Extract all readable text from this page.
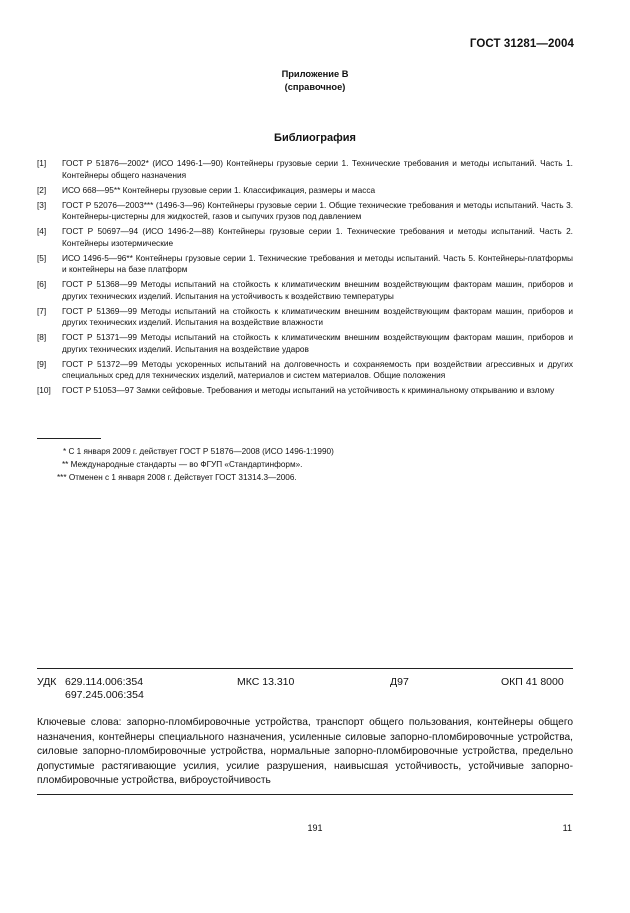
ГОСТ 31281—2004
Приложение В
(справочное)
Библиография
[1] ГОСТ Р 51876—2002* (ИСО 1496-1—90) Контейнеры грузовые серии 1. Технические требования и методы испытаний. Часть 1. Контейнеры общего назначения
[2] ИСО 668—95** Контейнеры грузовые серии 1. Классификация, размеры и масса
[3] ГОСТ Р 52076—2003*** (1496-3—96) Контейнеры грузовые серии 1. Общие технические требования и методы испытаний. Часть 3. Контейнеры-цистерны для жидкостей, газов и сыпучих грузов под давлением
[4] ГОСТ Р 50697—94 (ИСО 1496-2—88) Контейнеры грузовые серии 1. Технические требования и методы испытаний. Часть 2. Контейнеры изотермические
[5] ИСО 1496-5—96** Контейнеры грузовые серии 1. Технические требования и методы испытаний. Часть 5. Контейнеры-платформы и контейнеры на базе платформ
[6] ГОСТ Р 51368—99 Методы испытаний на стойкость к климатическим внешним воздействующим факторам машин, приборов и других технических изделий. Испытания на устойчивость к воздействию температуры
[7] ГОСТ Р 51369—99 Методы испытаний на стойкость к климатическим внешним воздействующим факторам машин, приборов и других технических изделий. Испытания на воздействие влажности
[8] ГОСТ Р 51371—99 Методы испытаний на стойкость к климатическим внешним воздействующим факторам машин, приборов и других технических изделий. Испытания на воздействие ударов
[9] ГОСТ Р 51372—99 Методы ускоренных испытаний на долговечность и сохраняемость при воздействии агрессивных и других специальных сред для технических изделий, материалов и систем материалов. Общие положения
[10] ГОСТ Р 51053—97 Замки сейфовые. Требования и методы испытаний на устойчивость к криминальному открыванию и взлому
* С 1 января 2009 г. действует ГОСТ Р 51876—2008 (ИСО 1496-1:1990)
** Международные стандарты — во ФГУП «Стандартинформ».
*** Отменен с 1 января 2008 г. Действует ГОСТ 31314.3—2006.
УДК 629.114.006:354
697.245.006:354
МКС 13.310	Д97	ОКП 41 8000
Ключевые слова: запорно-пломбировочные устройства, транспорт общего пользования, контейнеры общего назначения, контейнеры специального назначения, усиленные силовые запорно-пломбировочные устройства, силовые запорно-пломбировочные устройства, нормальные запорно-пломбировочные устройства, предельно допустимые растягивающие усилия, усилие разрушения, наивысшая устойчивость, устойчивые запорно-пломбировочные устройства, виброустойчивость
191	11
